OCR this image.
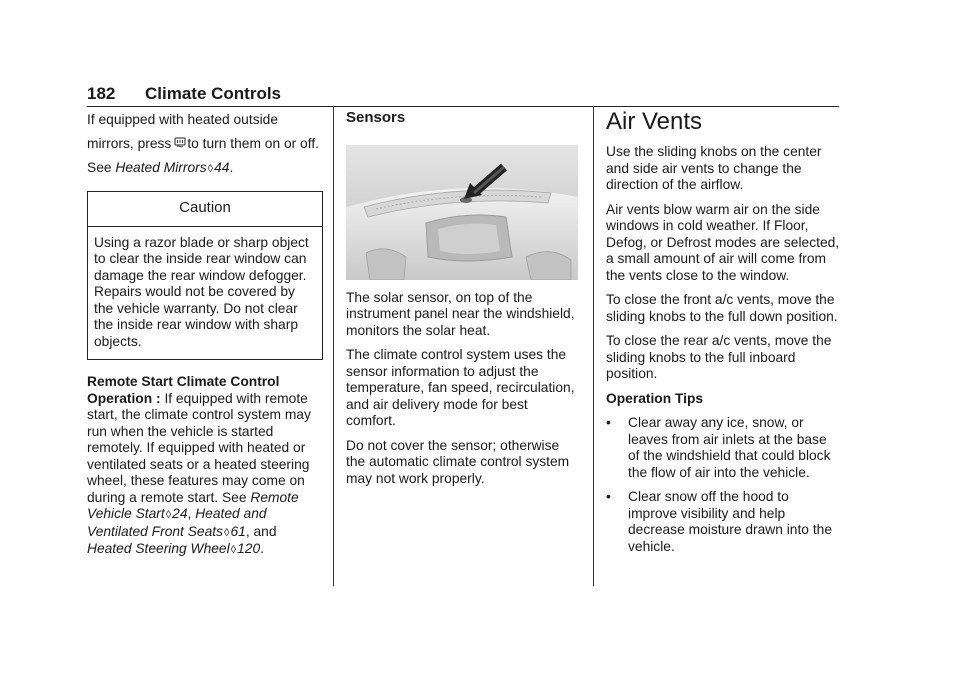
182 Climate Controls

If equipped with heated outside mirrors, press to turn them on or off. See Heated Mirrors◊44.

Caution
Using a razor blade or sharp object to clear the inside rear window can damage the rear window defogger. Repairs would not be covered by the vehicle warranty. Do not clear the inside rear window with sharp objects.

Remote Start Climate Control Operation : If equipped with remote start, the climate control system may run when the vehicle is started remotely. If equipped with heated or ventilated seats or a heated steering wheel, these features may come on during a remote start. See Remote Vehicle Start◊24, Heated and Ventilated Front Seats◊61, and Heated Steering Wheel◊120.

Sensors

The solar sensor, on top of the instrument panel near the windshield, monitors the solar heat.

The climate control system uses the sensor information to adjust the temperature, fan speed, recirculation, and air delivery mode for best comfort.

Do not cover the sensor; otherwise the automatic climate control system may not work properly.

Air Vents

Use the sliding knobs on the center and side air vents to change the direction of the airflow.

Air vents blow warm air on the side windows in cold weather. If Floor, Defog, or Defrost modes are selected, a small amount of air will come from the vents close to the window.

To close the front a/c vents, move the sliding knobs to the full down position.

To close the rear a/c vents, move the sliding knobs to the full inboard position.

Operation Tips

• Clear away any ice, snow, or leaves from air inlets at the base of the windshield that could block the flow of air into the vehicle.
• Clear snow off the hood to improve visibility and help decrease moisture drawn into the vehicle.
